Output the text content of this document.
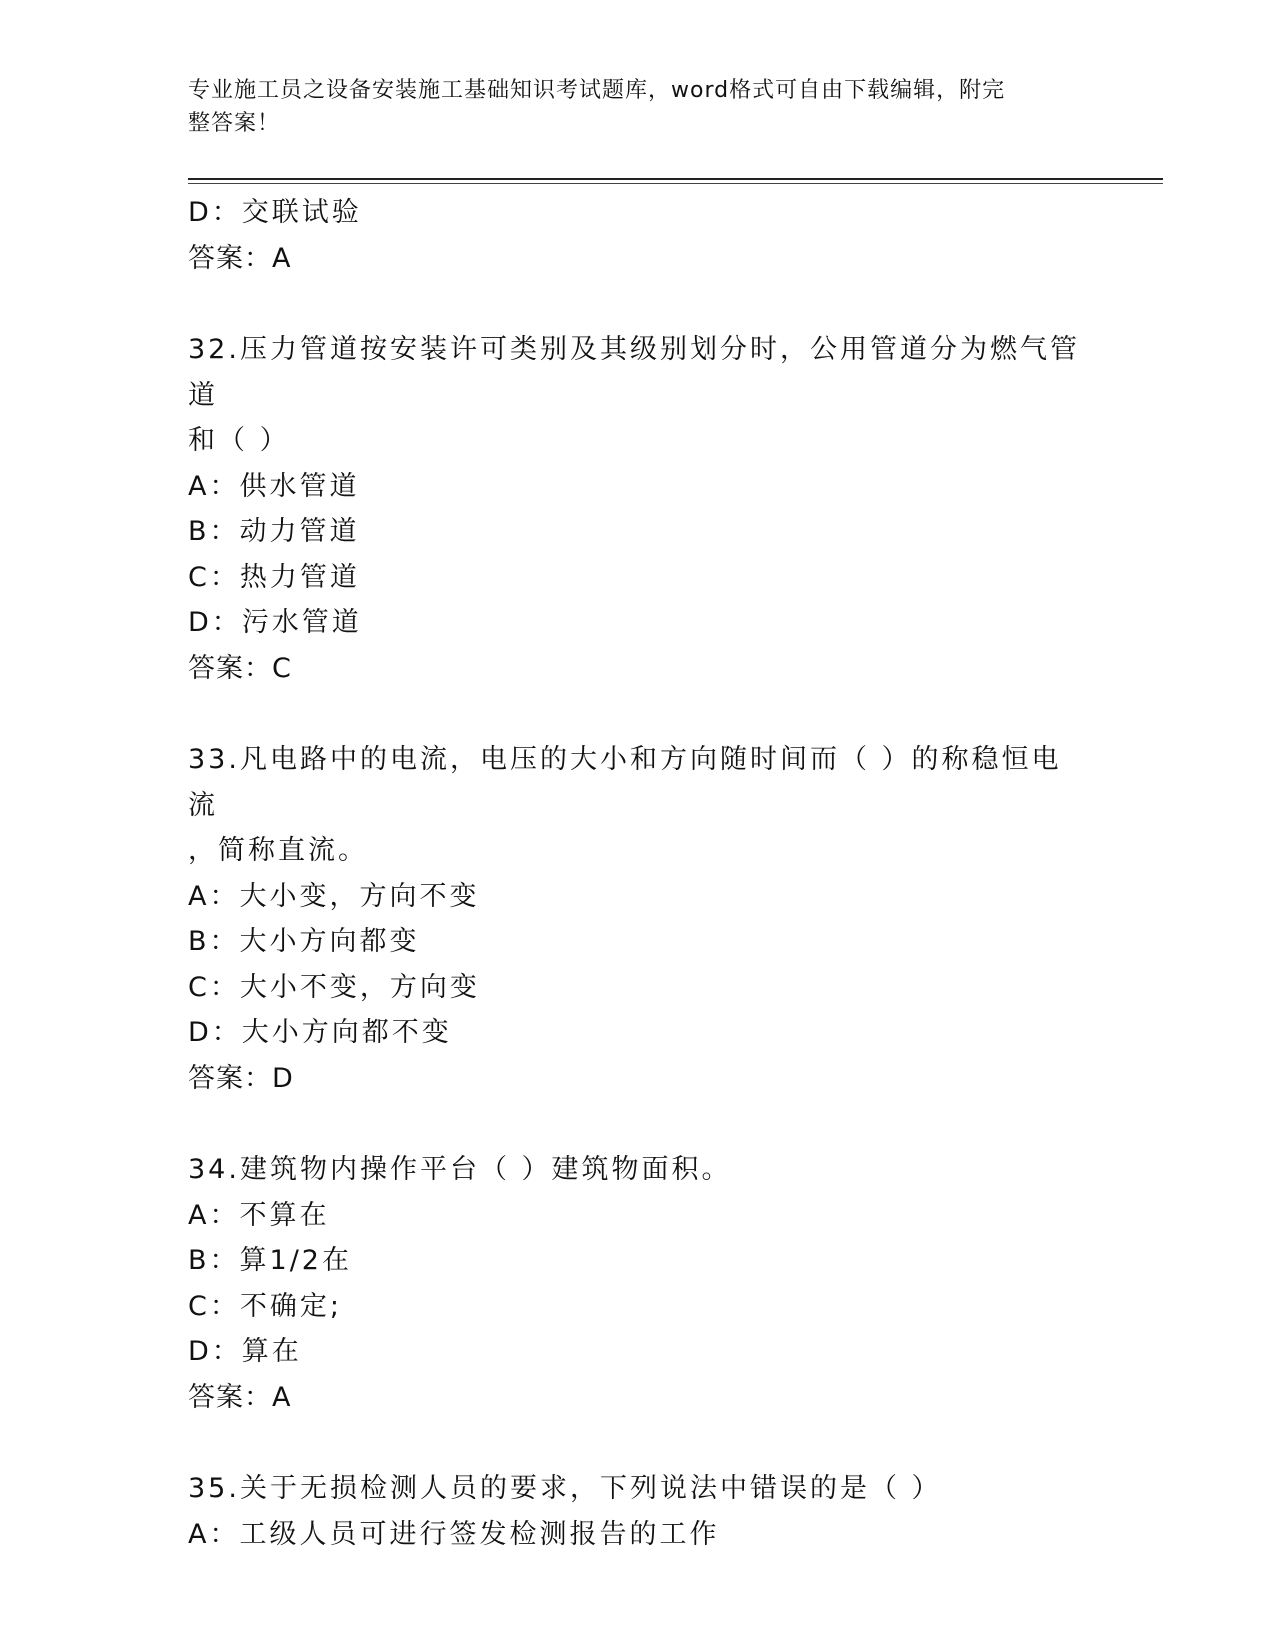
专业施工员之设备安装施工基础知识考试题库，word格式可自由下载编辑，附完
整答案！
D：交联试验
答案：A
32.压力管道按安装许可类别及其级别划分时，公用管道分为燃气管道
和（ ）
A：供水管道
B：动力管道
C：热力管道
D：污水管道
答案：C
33.凡电路中的电流，电压的大小和方向随时间而（ ）的称稳恒电流
，简称直流。
A：大小变，方向不变
B：大小方向都变
C：大小不变，方向变
D：大小方向都不变
答案：D
34.建筑物内操作平台（ ）建筑物面积。
A：不算在
B：算1/2在
C：不确定;
D：算在
答案：A
35.关于无损检测人员的要求，下列说法中错误的是（ ）
A：工级人员可进行签发检测报告的工作
